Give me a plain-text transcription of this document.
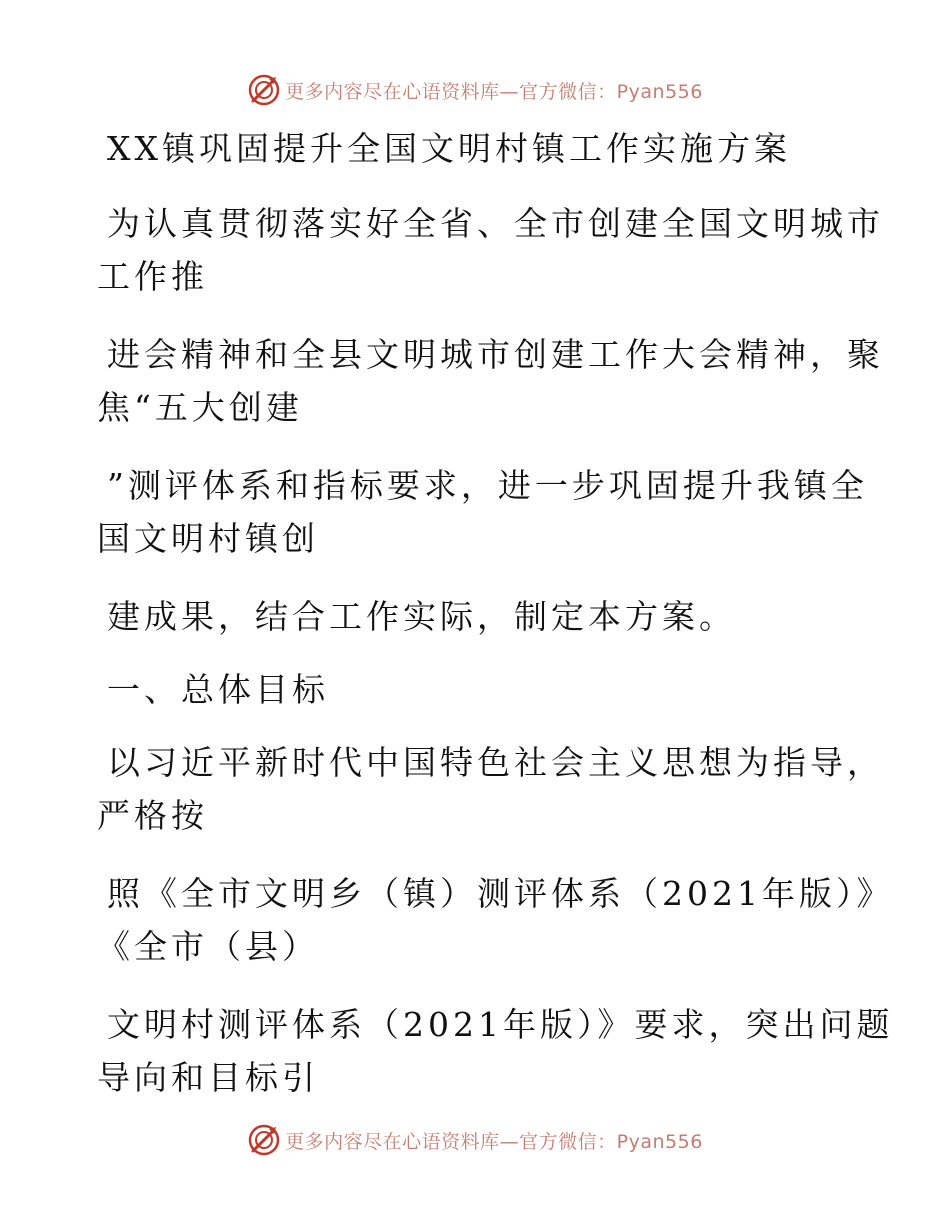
更多内容尽在心语资料库—官方微信：Pyan556

XX镇巩固提升全国文明村镇工作实施方案

为认真贯彻落实好全省、全市创建全国文明城市

工作推

进会精神和全县文明城市创建工作大会精神，聚

焦“五大创建

”测评体系和指标要求，进一步巩固提升我镇全

国文明村镇创

建成果，结合工作实际，制定本方案。

一、总体目标

以习近平新时代中国特色社会主义思想为指导，

严格按

照《全市文明乡（镇）测评体系（2021年版）》

《全市（县）

文明村测评体系（2021年版）》要求，突出问题

导向和目标引

更多内容尽在心语资料库—官方微信：Pyan556
